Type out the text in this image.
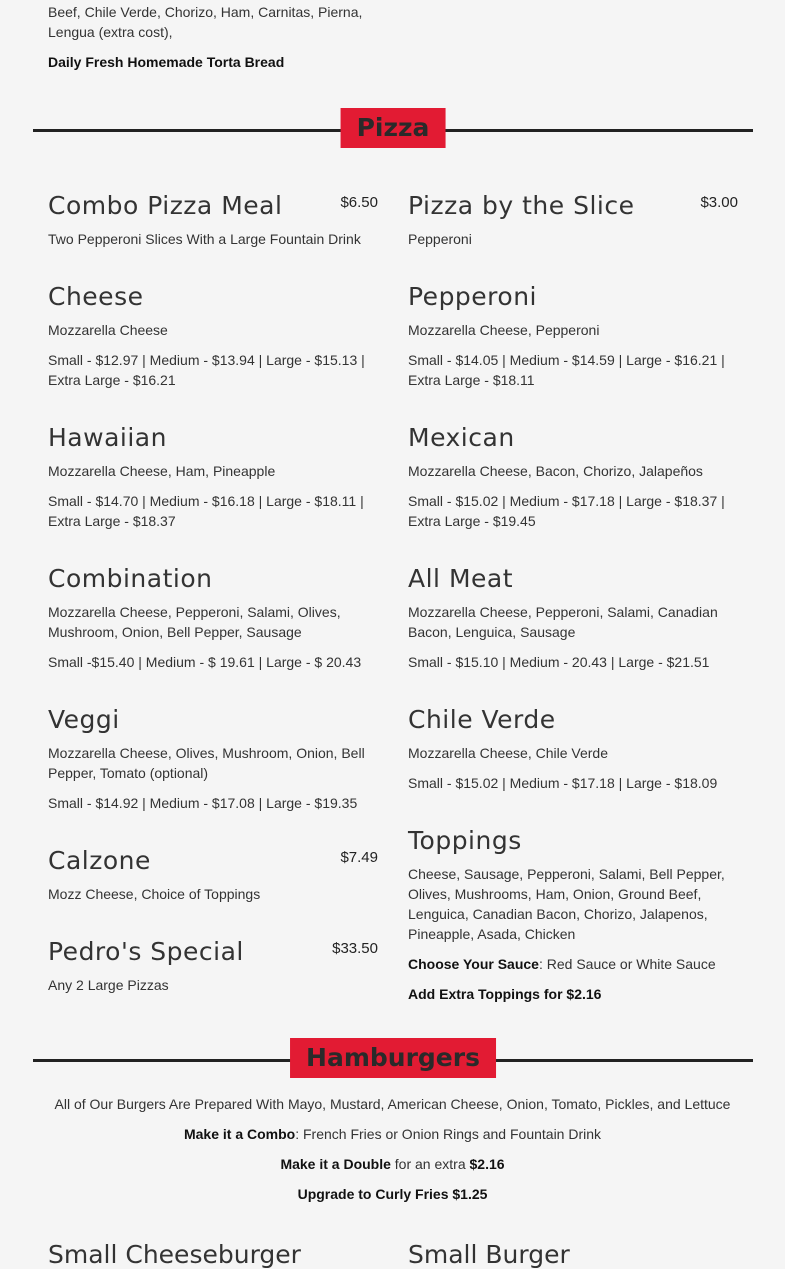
Beef, Chile Verde, Chorizo, Ham, Carnitas, Pierna, Lengua (extra cost),
Daily Fresh Homemade Torta Bread
Pizza
Combo Pizza Meal	$6.50
Two Pepperoni Slices With a Large Fountain Drink
Pizza by the Slice	$3.00
Pepperoni
Cheese
Mozzarella Cheese
Small - $12.97 | Medium - $13.94 | Large - $15.13 | Extra Large - $16.21
Pepperoni
Mozzarella Cheese, Pepperoni
Small - $14.05 | Medium - $14.59 | Large - $16.21 | Extra Large - $18.11
Hawaiian
Mozzarella Cheese, Ham, Pineapple
Small - $14.70 | Medium - $16.18 | Large - $18.11 | Extra Large - $18.37
Mexican
Mozzarella Cheese, Bacon, Chorizo, Jalapeños
Small - $15.02 | Medium - $17.18 | Large - $18.37 | Extra Large - $19.45
Combination
Mozzarella Cheese, Pepperoni, Salami, Olives, Mushroom, Onion, Bell Pepper, Sausage
Small -$15.40 | Medium - $ 19.61 | Large - $ 20.43
All Meat
Mozzarella Cheese, Pepperoni, Salami, Canadian Bacon, Lenguica, Sausage
Small - $15.10 | Medium - 20.43 | Large - $21.51
Veggi
Mozzarella Cheese, Olives, Mushroom, Onion, Bell Pepper, Tomato (optional)
Small - $14.92 | Medium - $17.08 | Large - $19.35
Chile Verde
Mozzarella Cheese, Chile Verde
Small - $15.02 | Medium - $17.18 | Large - $18.09
Calzone	$7.49
Mozz Cheese, Choice of Toppings
Toppings
Cheese, Sausage, Pepperoni, Salami, Bell Pepper, Olives, Mushrooms, Ham, Onion, Ground Beef, Lenguica, Canadian Bacon, Chorizo, Jalapenos, Pineapple, Asada, Chicken
Choose Your Sauce: Red Sauce or White Sauce
Add Extra Toppings for $2.16
Pedro's Special	$33.50
Any 2 Large Pizzas
Hamburgers
All of Our Burgers Are Prepared With Mayo, Mustard, American Cheese, Onion, Tomato, Pickles, and Lettuce
Make it a Combo: French Fries or Onion Rings and Fountain Drink
Make it a Double for an extra $2.16
Upgrade to Curly Fries $1.25
Small Cheeseburger	Small Burger
